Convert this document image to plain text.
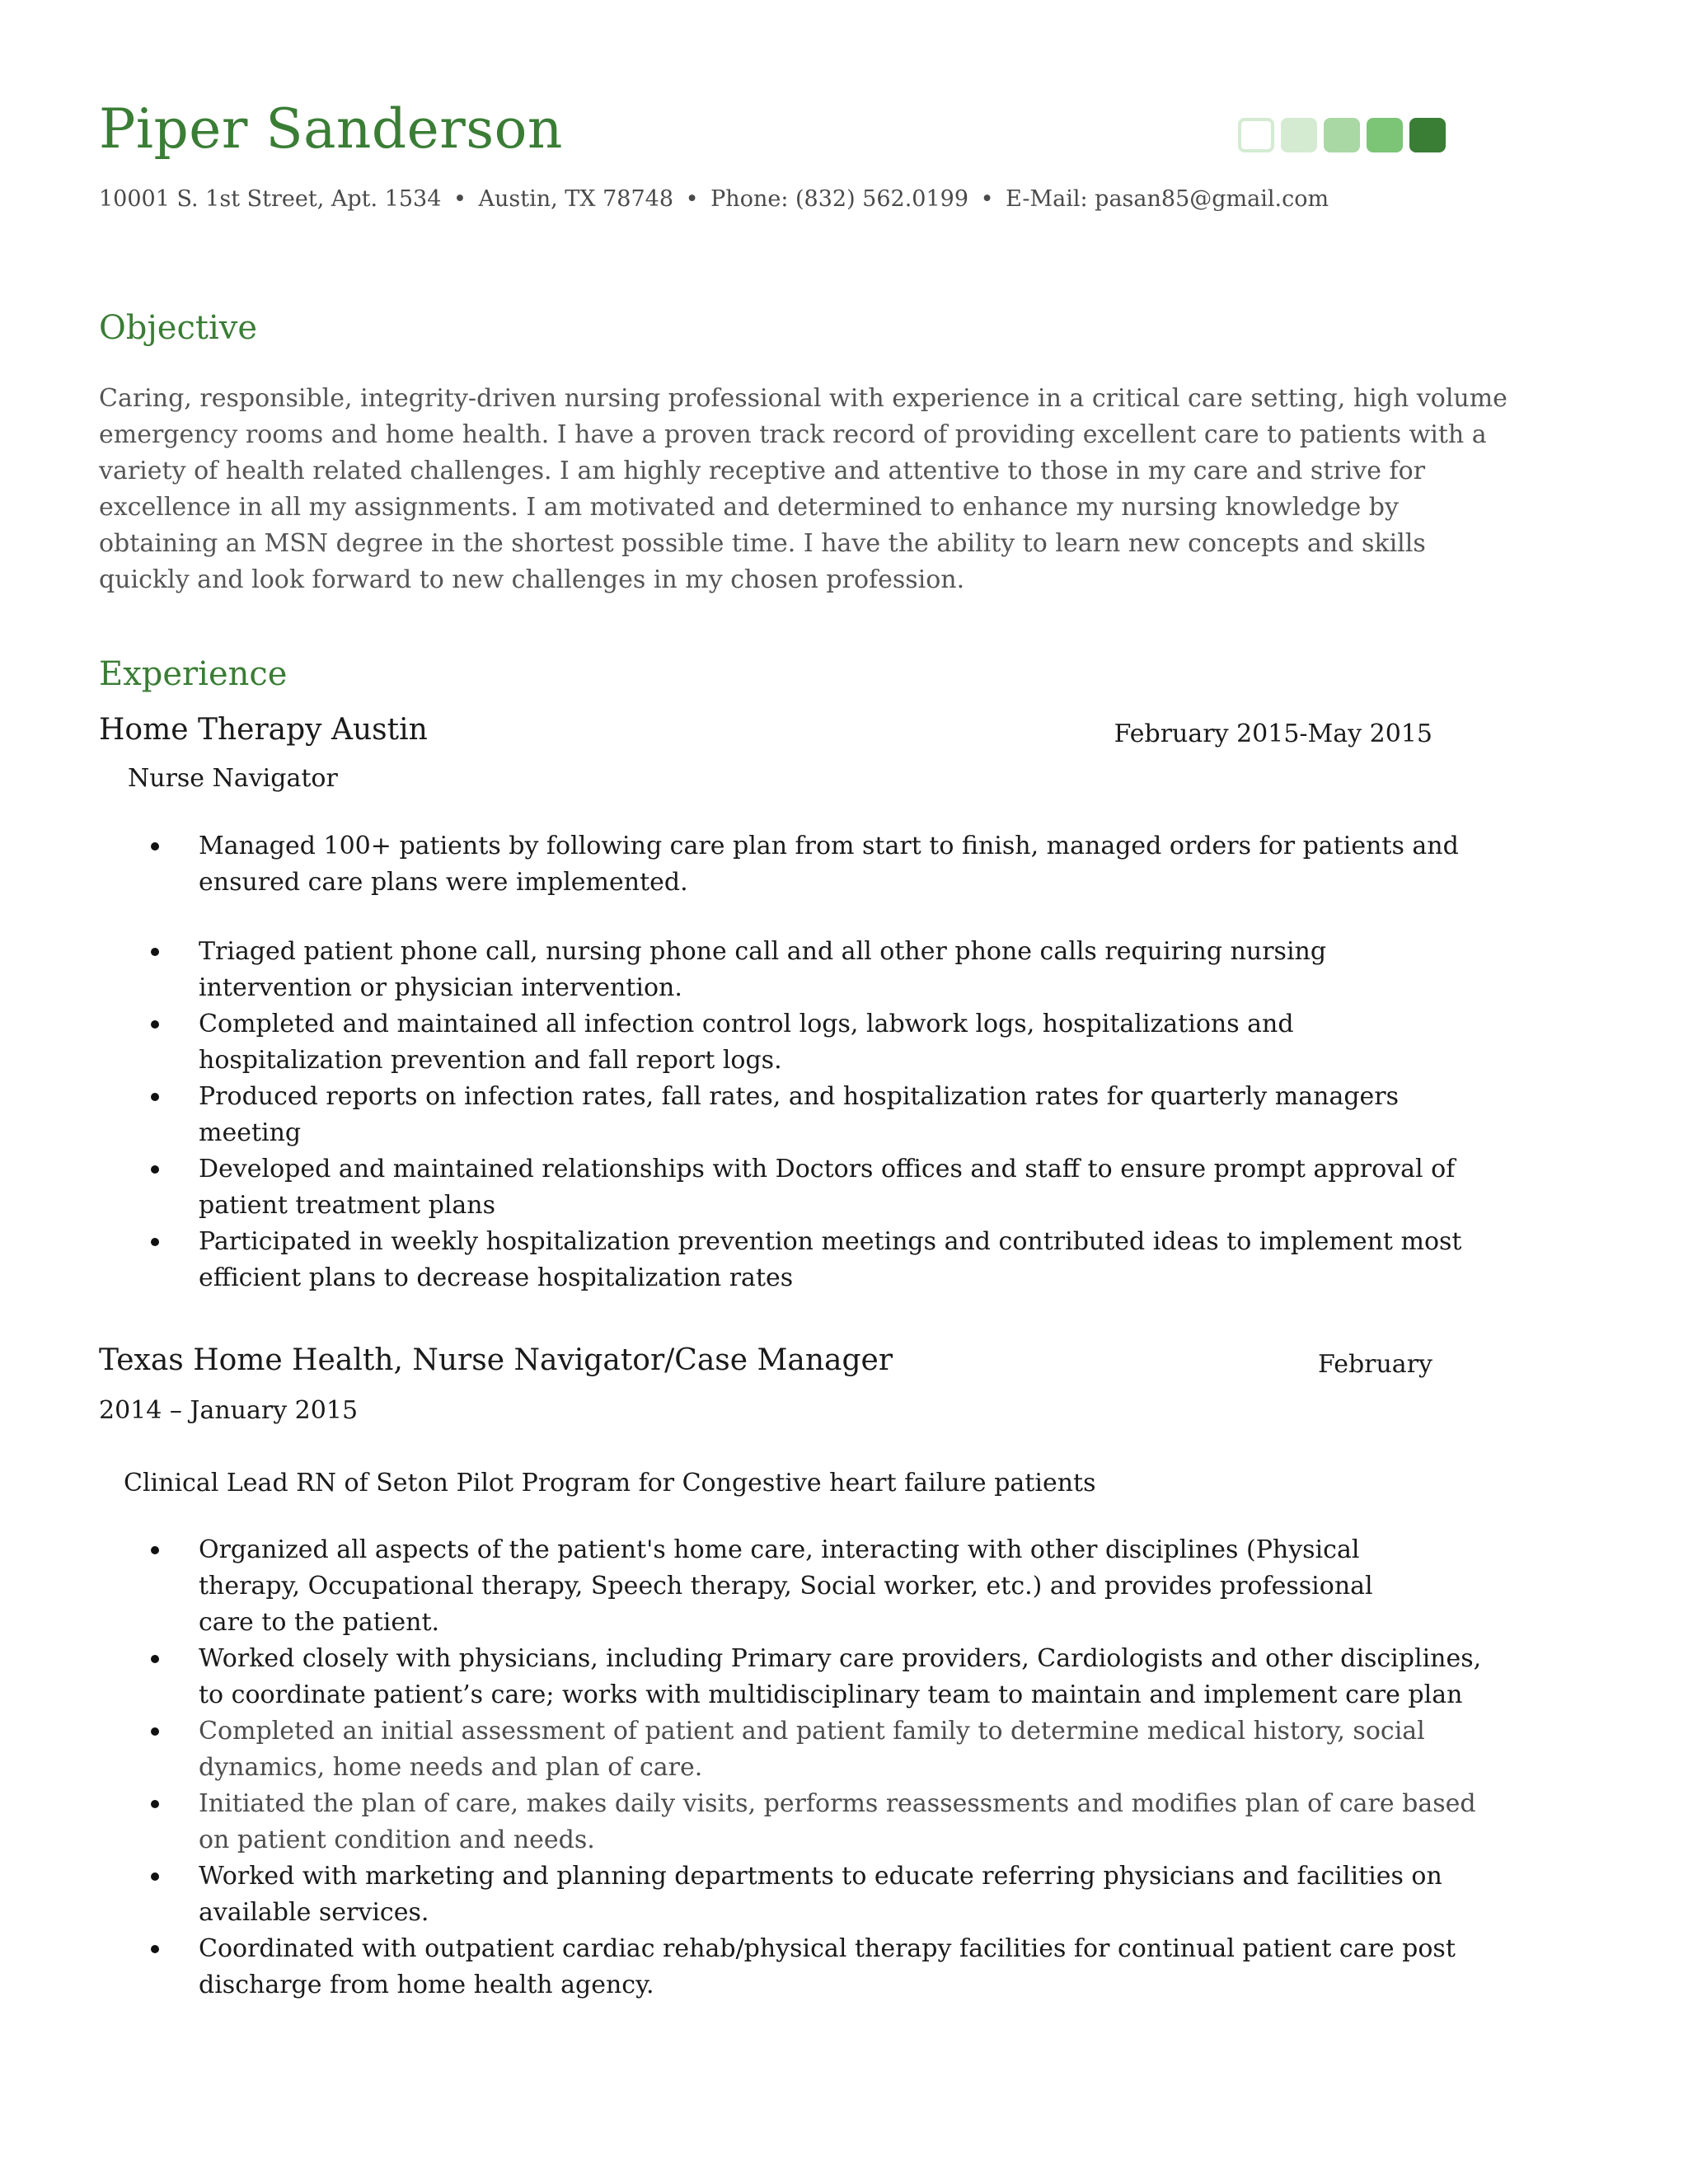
Piper Sanderson
10001 S. 1st Street, Apt. 1534 • Austin, TX 78748 • Phone: (832) 562.0199 • E-Mail: pasan85@gmail.com
Objective

Caring, responsible, integrity-driven nursing professional with experience in a critical care setting, high volume

emergency rooms and home health. I have a proven track record of providing excellent care to patients with a

variety of health related challenges. I am highly receptive and attentive to those in my care and strive for

excellence in all my assignments. I am motivated and determined to enhance my nursing knowledge by

obtaining an MSN degree in the shortest possible time. I have the ability to learn new concepts and skills

quickly and look forward to new challenges in my chosen profession.

Experience
Home Therapy Austin	February 2015-May 2015
Nurse Navigator
Managed 100+ patients by following care plan from start to finish, managed orders for patients and
ensured care plans were implemented.
Triaged patient phone call, nursing phone call and all other phone calls requiring nursing
intervention or physician intervention.
Completed and maintained all infection control logs, labwork logs, hospitalizations and
hospitalization prevention and fall report logs.
Produced reports on infection rates, fall rates, and hospitalization rates for quarterly managers
meeting
Developed and maintained relationships with Doctors offices and staff to ensure prompt approval of
patient treatment plans
Participated in weekly hospitalization prevention meetings and contributed ideas to implement most
efficient plans to decrease hospitalization rates
Texas Home Health, Nurse Navigator/Case Manager	February
2014 – January 2015
Clinical Lead RN of Seton Pilot Program for Congestive heart failure patients
Organized all aspects of the patient's home care, interacting with other disciplines (Physical
therapy, Occupational therapy, Speech therapy, Social worker, etc.) and provides professional
care to the patient.
Worked closely with physicians, including Primary care providers, Cardiologists and other disciplines,
to coordinate patient’s care; works with multidisciplinary team to maintain and implement care plan
Completed an initial assessment of patient and patient family to determine medical history, social
dynamics, home needs and plan of care.
Initiated the plan of care, makes daily visits, performs reassessments and modifies plan of care based
on patient condition and needs.
Worked with marketing and planning departments to educate referring physicians and facilities on
available services.
Coordinated with outpatient cardiac rehab/physical therapy facilities for continual patient care post
discharge from home health agency.
